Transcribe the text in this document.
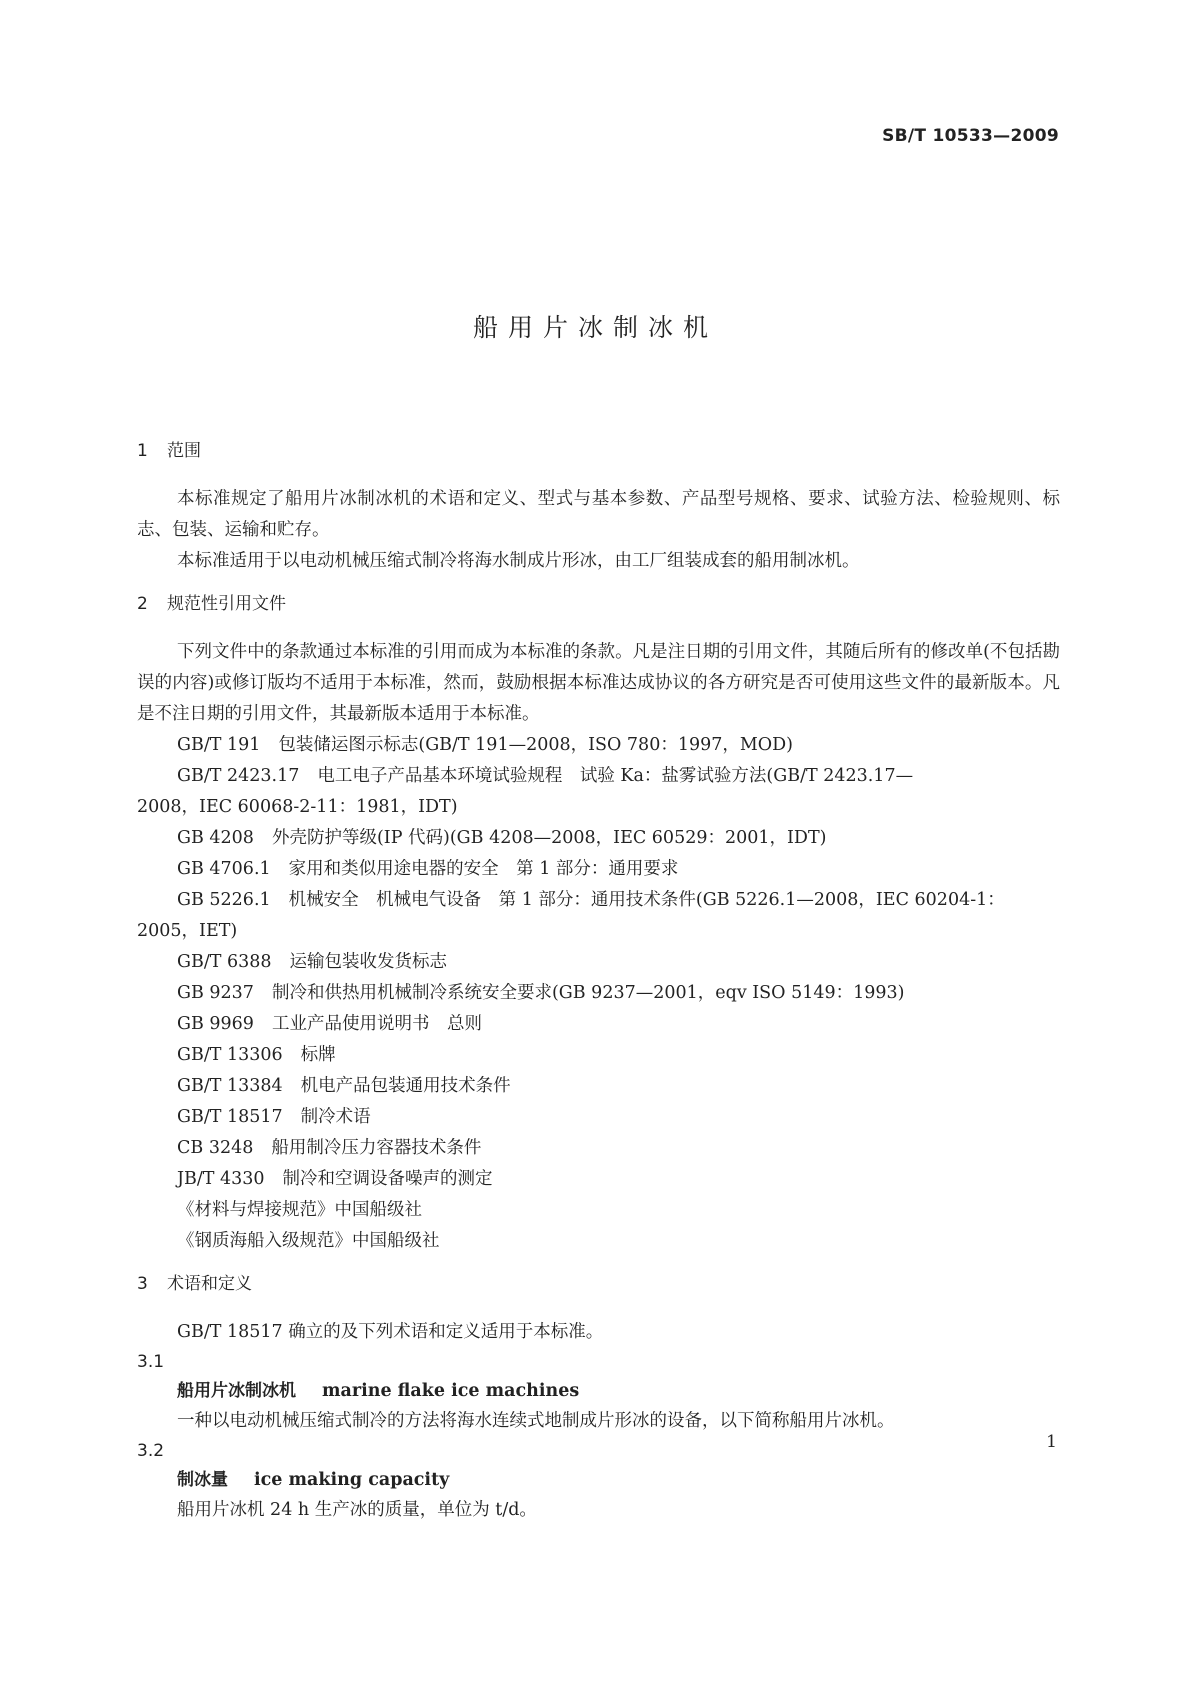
SB/T 10533—2009
船用片冰制冰机
1 范围

本标准规定了船用片冰制冰机的术语和定义、型式与基本参数、产品型号规格、要求、试验方法、检验规则、标志、包装、运输和贮存。

本标准适用于以电动机械压缩式制冷将海水制成片形冰，由工厂组装成套的船用制冰机。

2 规范性引用文件

下列文件中的条款通过本标准的引用而成为本标准的条款。凡是注日期的引用文件，其随后所有的修改单(不包括勘误的内容)或修订版均不适用于本标准，然而，鼓励根据本标准达成协议的各方研究是否可使用这些文件的最新版本。凡是不注日期的引用文件，其最新版本适用于本标准。

GB/T 191 包装储运图示标志(GB/T 191—2008，ISO 780：1997，MOD)
GB/T 2423.17 电工电子产品基本环境试验规程　试验 Ka：盐雾试验方法(GB/T 2423.17—
2008，IEC 60068-2-11：1981，IDT)
GB 4208 外壳防护等级(IP 代码)(GB 4208—2008，IEC 60529：2001，IDT)
GB 4706.1 家用和类似用途电器的安全　第 1 部分：通用要求
GB 5226.1 机械安全　机械电气设备　第 1 部分：通用技术条件(GB 5226.1—2008，IEC 60204-1：
2005，IET)
GB/T 6388 运输包装收发货标志
GB 9237 制冷和供热用机械制冷系统安全要求(GB 9237—2001，eqv ISO 5149：1993)
GB 9969 工业产品使用说明书　总则
GB/T 13306 标牌
GB/T 13384 机电产品包装通用技术条件
GB/T 18517 制冷术语
CB 3248 船用制冷压力容器技术条件
JB/T 4330 制冷和空调设备噪声的测定
《材料与焊接规范》中国船级社
《钢质海船入级规范》中国船级社
3 术语和定义

GB/T 18517 确立的及下列术语和定义适用于本标准。

3.1
船用片冰制冰机 marine flake ice machines
一种以电动机械压缩式制冷的方法将海水连续式地制成片形冰的设备，以下简称船用片冰机。
3.2
制冰量 ice making capacity
船用片冰机 24 h 生产冰的质量，单位为 t/d。
1
